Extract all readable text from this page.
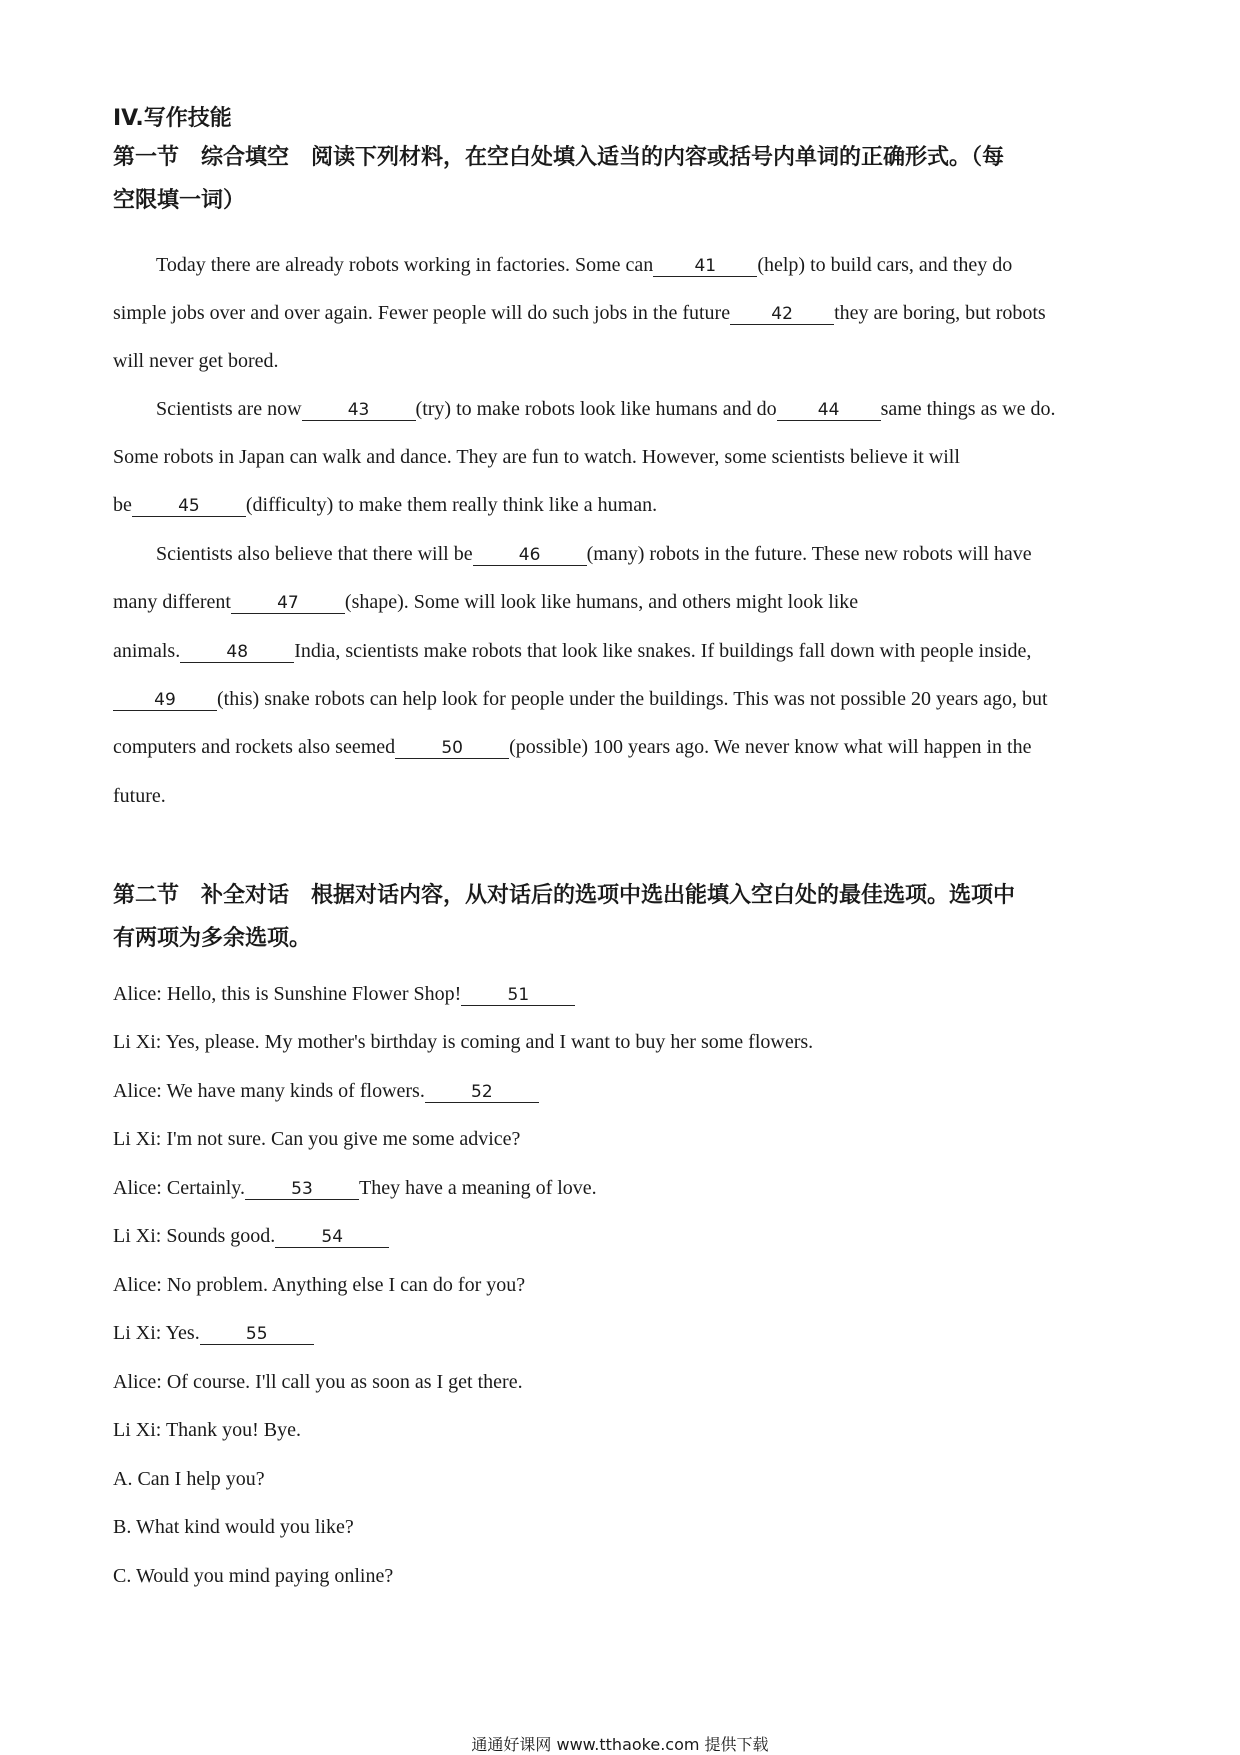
IV.写作技能
第一节　综合填空　阅读下列材料，在空白处填入适当的内容或括号内单词的正确形式。（每
空限填一词）
Today there are already robots working in factories. Some can 41 (help) to build cars, and they do
simple jobs over and over again. Fewer people will do such jobs in the future 42 they are boring, but robots
will never get bored.
Scientists are now	43 (try) to make robots look like humans and do 44 same things as we do.
Some robots in Japan can walk and dance. They are fun to watch. However, some scientists believe it will
be	45 (difficulty) to make them really think like a human.
Scientists also believe that there will be	46 (many) robots in the future. These new robots will have
many different	47 (shape). Some will look like humans, and others might look like
animals.	48 India, scientists make robots that look like snakes. If buildings fall down with people inside,
49 (this) snake robots can help look for people under the buildings. This was not possible 20 years ago, but
computers and rockets also seemed	50 (possible) 100 years ago. We never know what will happen in the
future.
第二节　补全对话　根据对话内容，从对话后的选项中选出能填入空白处的最佳选项。选项中
有两项为多余选项。
Alice: Hello, this is Sunshine Flower Shop!	51
Li Xi: Yes, please. My mother's birthday is coming and I want to buy her some flowers.
Alice: We have many kinds of flowers.	52
Li Xi: I'm not sure. Can you give me some advice?
Alice: Certainly.	53 They have a meaning of love.
Li Xi: Sounds good.	54
Alice: No problem. Anything else I can do for you?
Li Xi: Yes.	55
Alice: Of course. I'll call you as soon as I get there.
Li Xi: Thank you! Bye.
A. Can I help you?
B. What kind would you like?
C. Would you mind paying online?
通通好课网 www.tthaoke.com 提供下载
